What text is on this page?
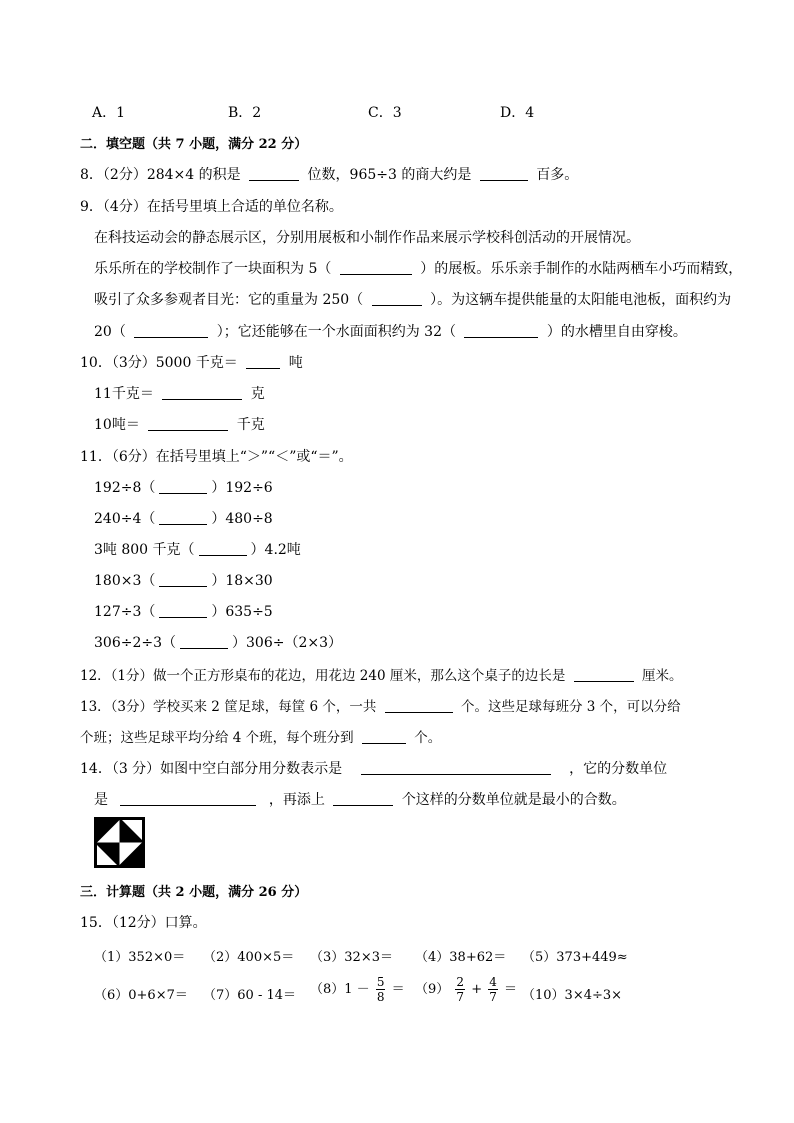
A．1	B．2	C．3	D．4
二．填空题（共 7 小题，满分 22 分）
8．（2分）284×4 的积是	位数，965÷3 的商大约是	百多。
9．（4分）在括号里填上合适的单位名称。
在科技运动会的静态展示区，分别用展板和小制作作品来展示学校科创活动的开展情况。
乐乐所在的学校制作了一块面积为 5（	）的展板。乐乐亲手制作的水陆两栖车小巧而精致，
吸引了众多参观者目光：它的重量为 250（	）。为这辆车提供能量的太阳能电池板，面积约为
20（	）；它还能够在一个水面面积约为 32（	）的水槽里自由穿梭。
10．（3分）5000 千克＝	吨
11千克＝	克
10吨＝	千克
11．（6分）在括号里填上“＞”“＜”或“＝”。
192÷8（	）192÷6
240÷4（	）480÷8
3吨 800 千克（	）4.2吨
180×3（	）18×30
127÷3（	）635÷5
306÷2÷3（	）306÷（2×3）
12．（1分）做一个正方形桌布的花边，用花边 240 厘米，那么这个桌子的边长是	厘米。
13．（3分）学校买来 2 筐足球，每筐 6 个，一共	个。这些足球每班分 3 个，可以分给
个班；这些足球平均分给 4 个班，每个班分到	个。
14．（3 分）如图中空白部分用分数表示是	，它的分数单位
是	，再添上	个这样的分数单位就是最小的合数。
三．计算题（共 2 小题，满分 26 分）
15．（12分）口算。
（1）352×0＝ （2）400×5＝ （3）32×3＝ （4）38+62＝ （5）373+449≈
$(6)0+6\times 7= (7)60 - 14= (8)1 - \frac{5}{8} = (9) \frac{2}{7} + \frac{4}{7} = (10)3\times 4\div 3\times$
